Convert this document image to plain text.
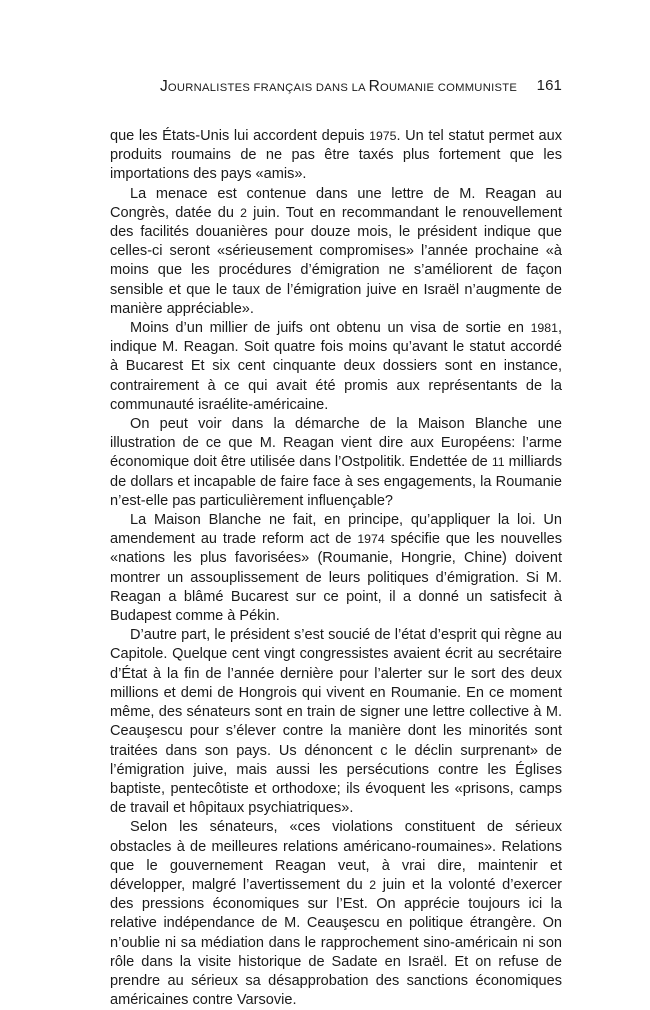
JOURNALISTES FRANÇAIS DANS LA ROUMANIE COMMUNISTE 161

que les États-Unis lui accordent depuis 1975. Un tel statut permet aux produits roumains de ne pas être taxés plus fortement que les importations des pays «amis».

La menace est contenue dans une lettre de M. Reagan au Congrès, datée du 2 juin. Tout en recommandant le renouvellement des facilités douanières pour douze mois, le président indique que celles-ci seront «sérieusement compromises» l’année prochaine «à moins que les procédures d’émigration ne s’améliorent de façon sensible et que le taux de l’émigration juive en Israël n’augmente de manière appréciable».

Moins d’un millier de juifs ont obtenu un visa de sortie en 1981, indique M. Reagan. Soit quatre fois moins qu’avant le statut accordé à Bucarest Et six cent cinquante deux dossiers sont en instance, contrairement à ce qui avait été promis aux représentants de la communauté israélite-américaine.

On peut voir dans la démarche de la Maison Blanche une illustration de ce que M. Reagan vient dire aux Européens: l’arme économique doit être utilisée dans l’Ostpolitik. Endettée de 11 milliards de dollars et incapable de faire face à ses engagements, la Roumanie n’est-elle pas particulièrement influençable?

La Maison Blanche ne fait, en principe, qu’appliquer la loi. Un amendement au trade reform act de 1974 spécifie que les nouvelles «nations les plus favorisées» (Roumanie, Hongrie, Chine) doivent montrer un assouplissement de leurs politiques d’émigration. Si M. Reagan a blâmé Bucarest sur ce point, il a donné un satisfecit à Budapest comme à Pékin.

D’autre part, le président s’est soucié de l’état d’esprit qui règne au Capitole. Quelque cent vingt congressistes avaient écrit au secrétaire d’État à la fin de l’année dernière pour l’alerter sur le sort des deux millions et demi de Hongrois qui vivent en Roumanie. En ce moment même, des sénateurs sont en train de signer une lettre collective à M. Ceauşescu pour s’élever contre la manière dont les minorités sont traitées dans son pays. Us dénoncent c le déclin surprenant» de l’émigration juive, mais aussi les persécutions contre les Églises baptiste, pentecôtiste et orthodoxe; ils évoquent les «prisons, camps de travail et hôpitaux psychiatriques».

Selon les sénateurs, «ces violations constituent de sérieux obstacles à de meilleures relations américano-roumaines». Relations que le gouvernement Reagan veut, à vrai dire, maintenir et développer, malgré l’avertissement du 2 juin et la volonté d’exercer des pressions économiques sur l’Est. On apprécie toujours ici la relative indépendance de M. Ceauşescu en politique étrangère. On n’oublie ni sa médiation dans le rapprochement sino-américain ni son rôle dans la visite historique de Sadate en Israël. Et on refuse de prendre au sérieux sa désapprobation des sanctions économiques américaines contre Varsovie.
